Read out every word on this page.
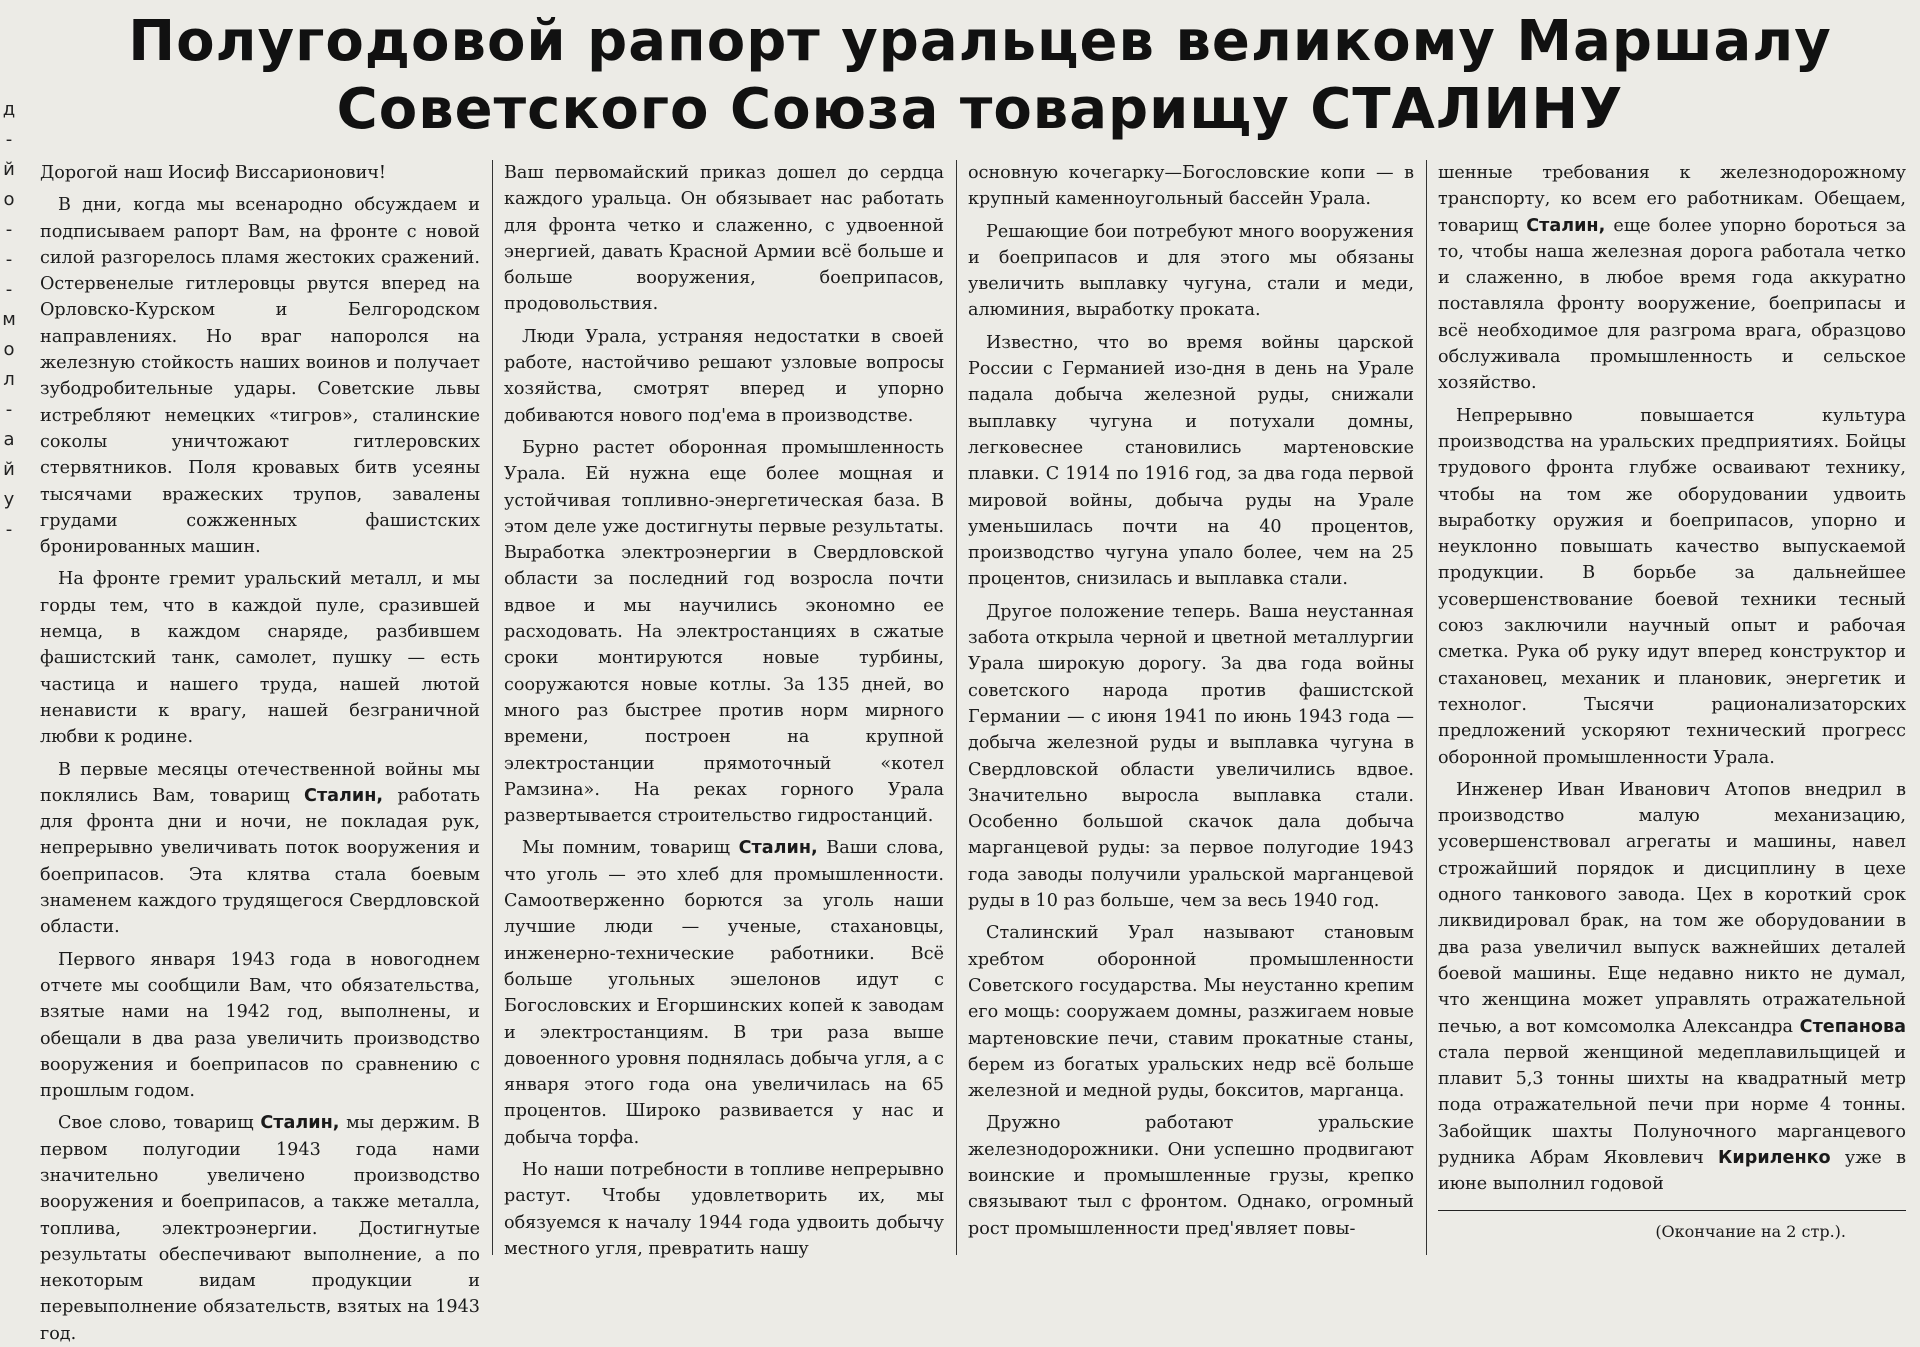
д
-
й
о
-
-
-
м
о
л
-
а
й
у
-
Полугодовой рапорт уральцев великому Маршалу
Советского Союза товарищу СТАЛИНУ

Дорогой наш Иосиф Виссарионович!

В дни, когда мы всенародно обсуждаем и подписываем рапорт Вам, на фронте с новой силой разгорелось пламя жестоких сражений. Остервенелые гитлеровцы рвутся вперед на Орловско-Курском и Белгородском направлениях. Но враг напоролся на железную стойкость наших воинов и получает зубодробительные удары. Советские львы истребляют немецких «тигров», сталинские соколы уничтожают гитлеровских стервятников. Поля кровавых битв усеяны тысячами вражеских трупов, завалены грудами сожженных фашистских бронированных машин.

На фронте гремит уральский металл, и мы горды тем, что в каждой пуле, сразившей немца, в каждом снаряде, разбившем фашистский танк, самолет, пушку — есть частица и нашего труда, нашей лютой ненависти к врагу, нашей безграничной любви к родине.

В первые месяцы отечественной войны мы поклялись Вам, товарищ Сталин, работать для фронта дни и ночи, не покладая рук, непрерывно увеличивать поток вооружения и боеприпасов. Эта клятва стала боевым знаменем каждого трудящегося Свердловской области.

Первого января 1943 года в новогоднем отчете мы сообщили Вам, что обязательства, взятые нами на 1942 год, выполнены, и обещали в два раза увеличить производство вооружения и боеприпасов по сравнению с прошлым годом.

Свое слово, товарищ Сталин, мы держим. В первом полугодии 1943 года нами значительно увеличено производство вооружения и боеприпасов, а также металла, топлива, электроэнергии. Достигнутые результаты обеспечивают выполнение, а по некоторым видам продукции и перевыполнение обязательств, взятых на 1943 год.

Ваш первомайский приказ дошел до сердца каждого уральца. Он обязывает нас работать для фронта четко и слаженно, с удвоенной энергией, давать Красной Армии всё больше и больше вооружения, боеприпасов, продовольствия.

Люди Урала, устраняя недостатки в своей работе, настойчиво решают узловые вопросы хозяйства, смотрят вперед и упорно добиваются нового под'ема в производстве.

Бурно растет оборонная промышленность Урала. Ей нужна еще более мощная и устойчивая топливно-энергетическая база. В этом деле уже достигнуты первые результаты. Выработка электроэнергии в Свердловской области за последний год возросла почти вдвое и мы научились экономно ее расходовать. На электростанциях в сжатые сроки монтируются новые турбины, сооружаются новые котлы. За 135 дней, во много раз быстрее против норм мирного времени, построен на крупной электростанции прямоточный «котел Рамзина». На реках горного Урала развертывается строительство гидростанций.

Мы помним, товарищ Сталин, Ваши слова, что уголь — это хлеб для промышленности. Самоотверженно борются за уголь наши лучшие люди — ученые, стахановцы, инженерно-технические работники. Всё больше угольных эшелонов идут с Богословских и Егоршинских копей к заводам и электростанциям. В три раза выше довоенного уровня поднялась добыча угля, а с января этого года она увеличилась на 65 процентов. Широко развивается у нас и добыча торфа.

Но наши потребности в топливе непрерывно растут. Чтобы удовлетворить их, мы обязуемся к началу 1944 года удвоить добычу местного угля, превратить нашу

основную кочегарку—Богословские копи — в крупный каменноугольный бассейн Урала.

Решающие бои потребуют много вооружения и боеприпасов и для этого мы обязаны увеличить выплавку чугуна, стали и меди, алюминия, выработку проката.

Известно, что во время войны царской России с Германией изо-дня в день на Урале падала добыча железной руды, снижали выплавку чугуна и потухали домны, легковеснее становились мартеновские плавки. С 1914 по 1916 год, за два года первой мировой войны, добыча руды на Урале уменьшилась почти на 40 процентов, производство чугуна упало более, чем на 25 процентов, снизилась и выплавка стали.

Другое положение теперь. Ваша неустанная забота открыла черной и цветной металлургии Урала широкую дорогу. За два года войны советского народа против фашистской Германии — с июня 1941 по июнь 1943 года — добыча железной руды и выплавка чугуна в Свердловской области увеличились вдвое. Значительно выросла выплавка стали. Особенно большой скачок дала добыча марганцевой руды: за первое полугодие 1943 года заводы получили уральской марганцевой руды в 10 раз больше, чем за весь 1940 год.

Сталинский Урал называют становым хребтом оборонной промышленности Советского государства. Мы неустанно крепим его мощь: сооружаем домны, разжигаем новые мартеновские печи, ставим прокатные станы, берем из богатых уральских недр всё больше железной и медной руды, бокситов, марганца.

Дружно работают уральские железнодорожники. Они успешно продвигают воинские и промышленные грузы, крепко связывают тыл с фронтом. Однако, огромный рост промышленности пред'являет повы-

шенные требования к железнодорожному транспорту, ко всем его работникам. Обещаем, товарищ Сталин, еще более упорно бороться за то, чтобы наша железная дорога работала четко и слаженно, в любое время года аккуратно поставляла фронту вооружение, боеприпасы и всё необходимое для разгрома врага, образцово обслуживала промышленность и сельское хозяйство.

Непрерывно повышается культура производства на уральских предприятиях. Бойцы трудового фронта глубже осваивают технику, чтобы на том же оборудовании удвоить выработку оружия и боеприпасов, упорно и неуклонно повышать качество выпускаемой продукции. В борьбе за дальнейшее усовершенствование боевой техники тесный союз заключили научный опыт и рабочая сметка. Рука об руку идут вперед конструктор и стахановец, механик и плановик, энергетик и технолог. Тысячи рационализаторских предложений ускоряют технический прогресс оборонной промышленности Урала.

Инженер Иван Иванович Атопов внедрил в производство малую механизацию, усовершенствовал агрегаты и машины, навел строжайший порядок и дисциплину в цехе одного танкового завода. Цех в короткий срок ликвидировал брак, на том же оборудовании в два раза увеличил выпуск важнейших деталей боевой машины. Еще недавно никто не думал, что женщина может управлять отражательной печью, а вот комсомолка Александра Степанова стала первой женщиной медеплавильщицей и плавит 5,3 тонны шихты на квадратный метр пода отражательной печи при норме 4 тонны. Забойщик шахты Полуночного марганцевого рудника Абрам Яковлевич Кириленко уже в июне выполнил годовой

(Окончание на 2 стр.).
